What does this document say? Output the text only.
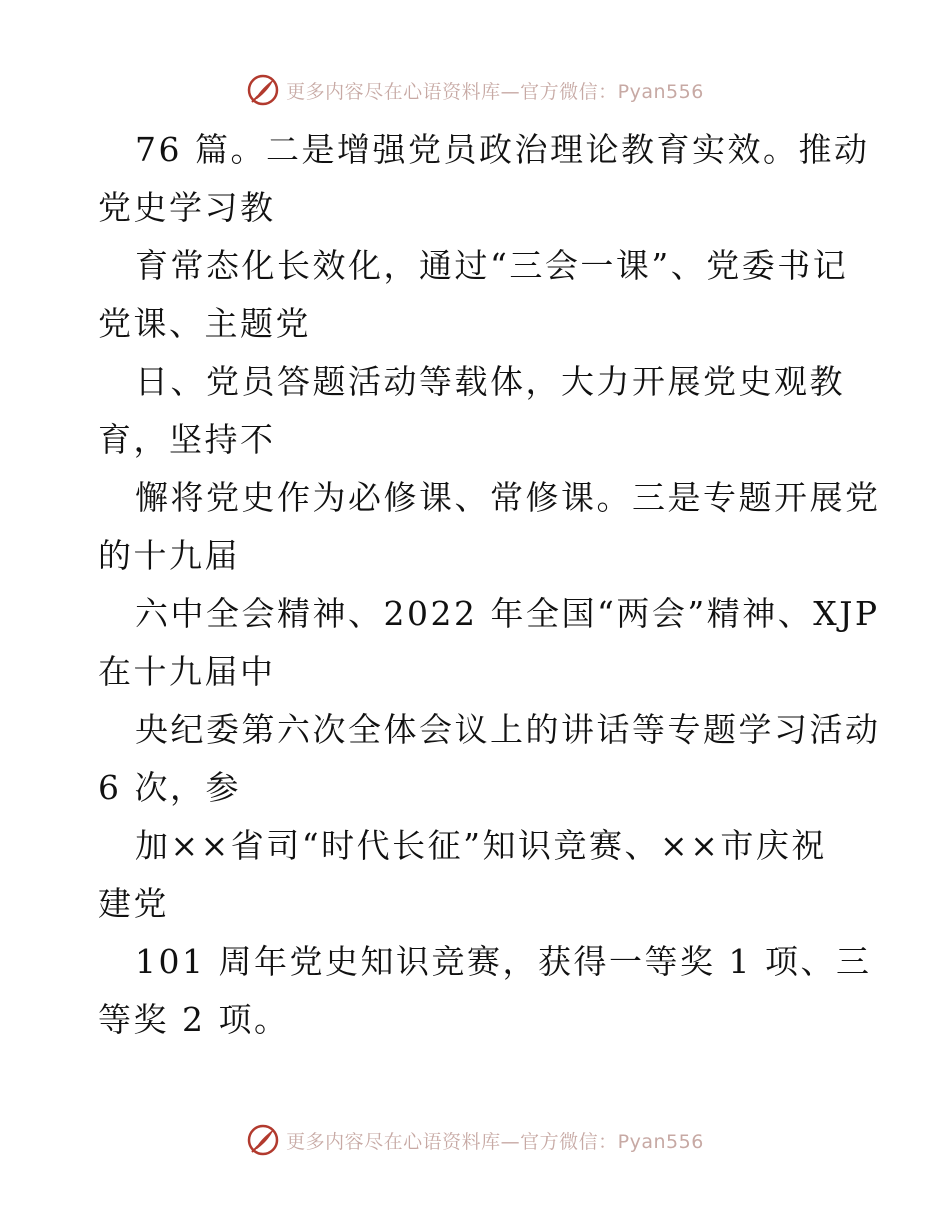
更多内容尽在心语资料库—官方微信：Pyan556
76 篇。二是增强党员政治理论教育实效。推动
党史学习教
育常态化长效化，通过“三会一课”、党委书记
党课、主题党
日、党员答题活动等载体，大力开展党史观教
育，坚持不
懈将党史作为必修课、常修课。三是专题开展党
的十九届
六中全会精神、2022 年全国“两会”精神、XJP
在十九届中
央纪委第六次全体会议上的讲话等专题学习活动
6 次，参
加××省司“时代长征”知识竞赛、××市庆祝
建党
101 周年党史知识竞赛，获得一等奖 1 项、三
等奖 2 项。
更多内容尽在心语资料库—官方微信：Pyan556
